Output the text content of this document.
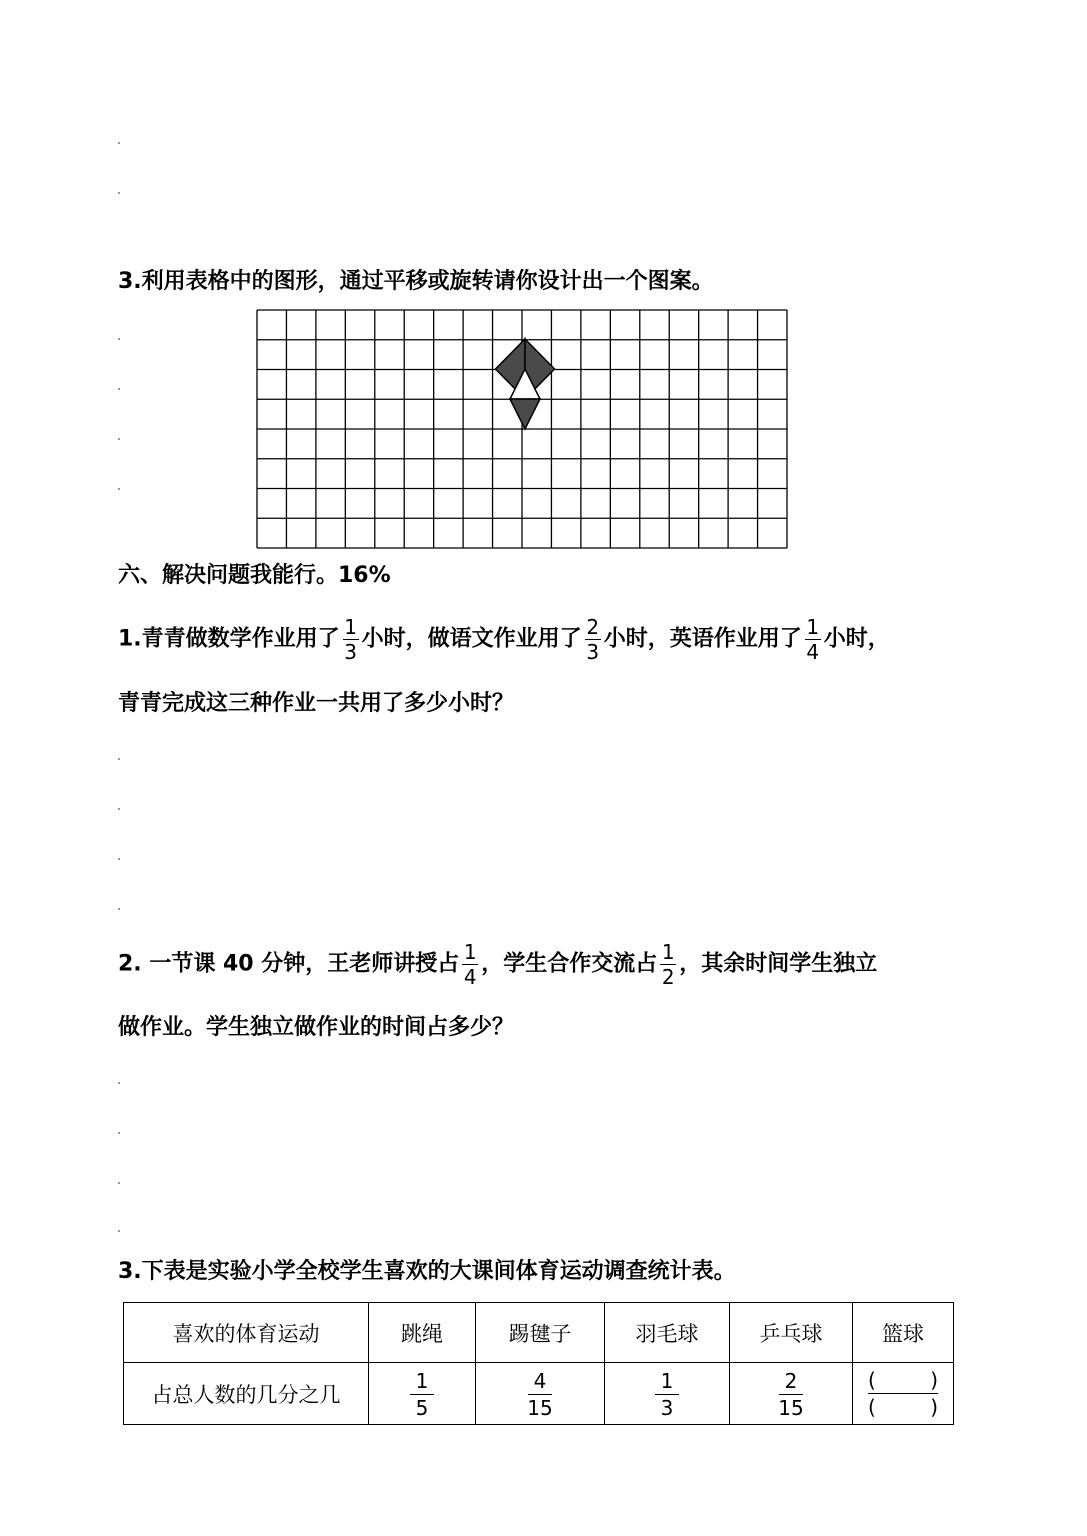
3.利用表格中的图形，通过平移或旋转请你设计出一个图案。
六、解决问题我能行。16%
1.青青做数学作业用了 $\frac{1}{3}$ 小时，做语文作业用了 $\frac{2}{3}$ 小时，英语作业用了 $\frac{1}{4}$ 小时，
青青完成这三种作业一共用了多少小时？
2. 一节课 40 分钟，王老师讲授占 $\frac{1}{4}$ ，学生合作交流占 $\frac{1}{2}$ ，其余时间学生独立
做作业。学生独立做作业的时间占多少？
3.下表是实验小学全校学生喜欢的大课间体育运动调查统计表。
喜欢的体育运动	跳绳	踢毽子	羽毛球	乒乓球	篮球
占总人数的几分之几	$\frac{1}{5}$	$\frac{4}{15}$	$\frac{1}{3}$	$\frac{2}{15}$	( )
( )
